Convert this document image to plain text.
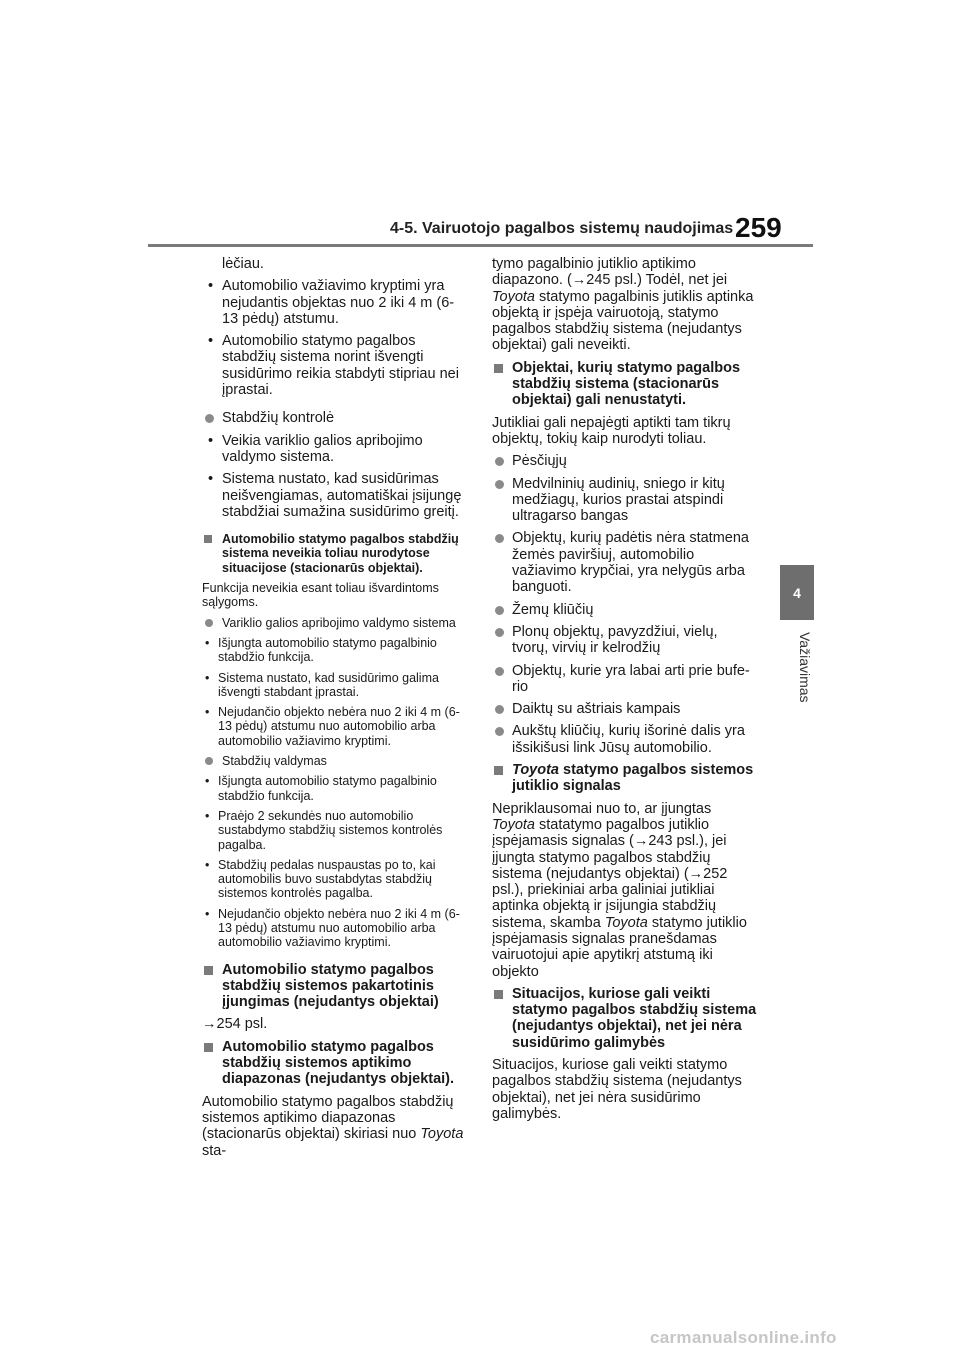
4-5. Vairuotojo pagalbos sistemų naudojimas 259
4
Važiavimas
lėčiau.
• Automobilio važiavimo kryptimi yra nejudantis objektas nuo 2 iki 4 m (6-13 pėdų) atstumu.
• Automobilio statymo pagalbos stabdžių sistema norint išvengti susidūrimo reikia stabdyti stipriau nei įprastai.
Stabdžių kontrolė
• Veikia variklio galios apribojimo valdymo sistema.
• Sistema nustato, kad susidūrimas neišvengiamas, automatiškai įsijungę stabdžiai sumažina susidūrimo greitį.
Automobilio statymo pagalbos stabdžių sistema neveikia toliau nurodytose situacijose (stacionarūs objektai).
Funkcija neveikia esant toliau išvardintoms sąlygoms.
Variklio galios apribojimo valdymo sistema
• Išjungta automobilio statymo pagalbinio stabdžio funkcija.
• Sistema nustato, kad susidūrimo galima išvengti stabdant įprastai.
• Nejudančio objekto nebėra nuo 2 iki 4 m (6-13 pėdų) atstumu nuo automobilio arba automobilio važiavimo kryptimi.
Stabdžių valdymas
• Išjungta automobilio statymo pagalbinio stabdžio funkcija.
• Praėjo 2 sekundės nuo automobilio sustabdymo stabdžių sistemos kontrolės pagalba.
• Stabdžių pedalas nuspaustas po to, kai automobilis buvo sustabdytas stabdžių sistemos kontrolės pagalba.
• Nejudančio objekto nebėra nuo 2 iki 4 m (6-13 pėdų) atstumu nuo automobilio arba automobilio važiavimo kryptimi.
Automobilio statymo pagalbos stabdžių sistemos pakartotinis įjungimas (nejudantys objektai)
→254 psl.
Automobilio statymo pagalbos stabdžių sistemos aptikimo diapazonas (nejudantys objektai).
Automobilio statymo pagalbos stabdžių sistemos aptikimo diapazonas (stacionarūs objektai) skiriasi nuo Toyota sta-
tymo pagalbinio jutiklio aptikimo diapazono. (→245 psl.) Todėl, net jei Toyota statymo pagalbinis jutiklis aptinka objektą ir įspėja vairuotoją, statymo pagalbos stabdžių sistema (nejudantys objektai) gali neveikti.
Objektai, kurių statymo pagalbos stabdžių sistema (stacionarūs objektai) gali nenustatyti.
Jutikliai gali nepajėgti aptikti tam tikrų objektų, tokių kaip nurodyti toliau.
Pėsčiųjų
Medvilninių audinių, sniego ir kitų medžiagų, kurios prastai atspindi ultragarso bangas
Objektų, kurių padėtis nėra statmena žemės paviršiuj, automobilio važiavimo krypčiai, yra nelygūs arba banguoti.
Žemų kliūčių
Plonų objektų, pavyzdžiui, vielų, tvorų, virvių ir kelrodžių
Objektų, kurie yra labai arti prie bufe-rio
Daiktų su aštriais kampais
Aukštų kliūčių, kurių išorinė dalis yra išsikišusi link Jūsų automobilio.
Toyota statymo pagalbos sistemos jutiklio signalas
Nepriklausomai nuo to, ar įjungtas Toyota statatymo pagalbos jutiklio įspėjamasis signalas (→243 psl.), jei įjungta statymo pagalbos stabdžių sistema (nejudantys objektai) (→252 psl.), priekiniai arba galiniai jutikliai aptinka objektą ir įsijungia stabdžių sistema, skamba Toyota statymo jutiklio įspėjamasis signalas pranešdamas vairuotojui apie apytikrį atstumą iki objekto
Situacijos, kuriose gali veikti statymo pagalbos stabdžių sistema (nejudantys objektai), net jei nėra susidūrimo galimybės
Situacijos, kuriose gali veikti statymo pagalbos stabdžių sistema (nejudantys objektai), net jei nėra susidūrimo galimybės.
carmanualsonline.info
